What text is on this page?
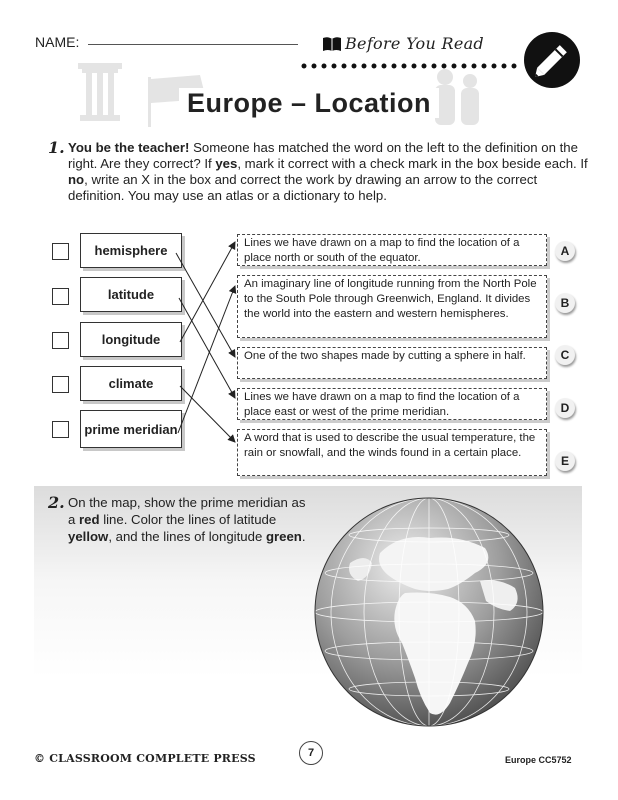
NAME:	Before You Read
Europe – Location
1. You be the teacher! Someone has matched the word on the left to the definition on the right. Are they correct? If yes, mark it correct with a check mark in the box beside each. If no, write an X in the box and correct the work by drawing an arrow to the correct definition. You may use an atlas or a dictionary to help.
hemisphere
latitude
longitude
climate
prime meridian
Lines we have drawn on a map to find the location of a place north or south of the equator.
An imaginary line of longitude running from the North Pole to the South Pole through Greenwich, England. It divides the world into the eastern and western hemispheres.
One of the two shapes made by cutting a sphere in half.
Lines we have drawn on a map to find the location of a place east or west of the prime meridian.
A word that is used to describe the usual temperature, the rain or snowfall, and the winds found in a certain place.
A
B
C
D
E
2. On the map, show the prime meridian as a red line. Color the lines of latitude yellow, and the lines of longitude green.
© CLASSROOM COMPLETE PRESS	7
Europe CC5752
